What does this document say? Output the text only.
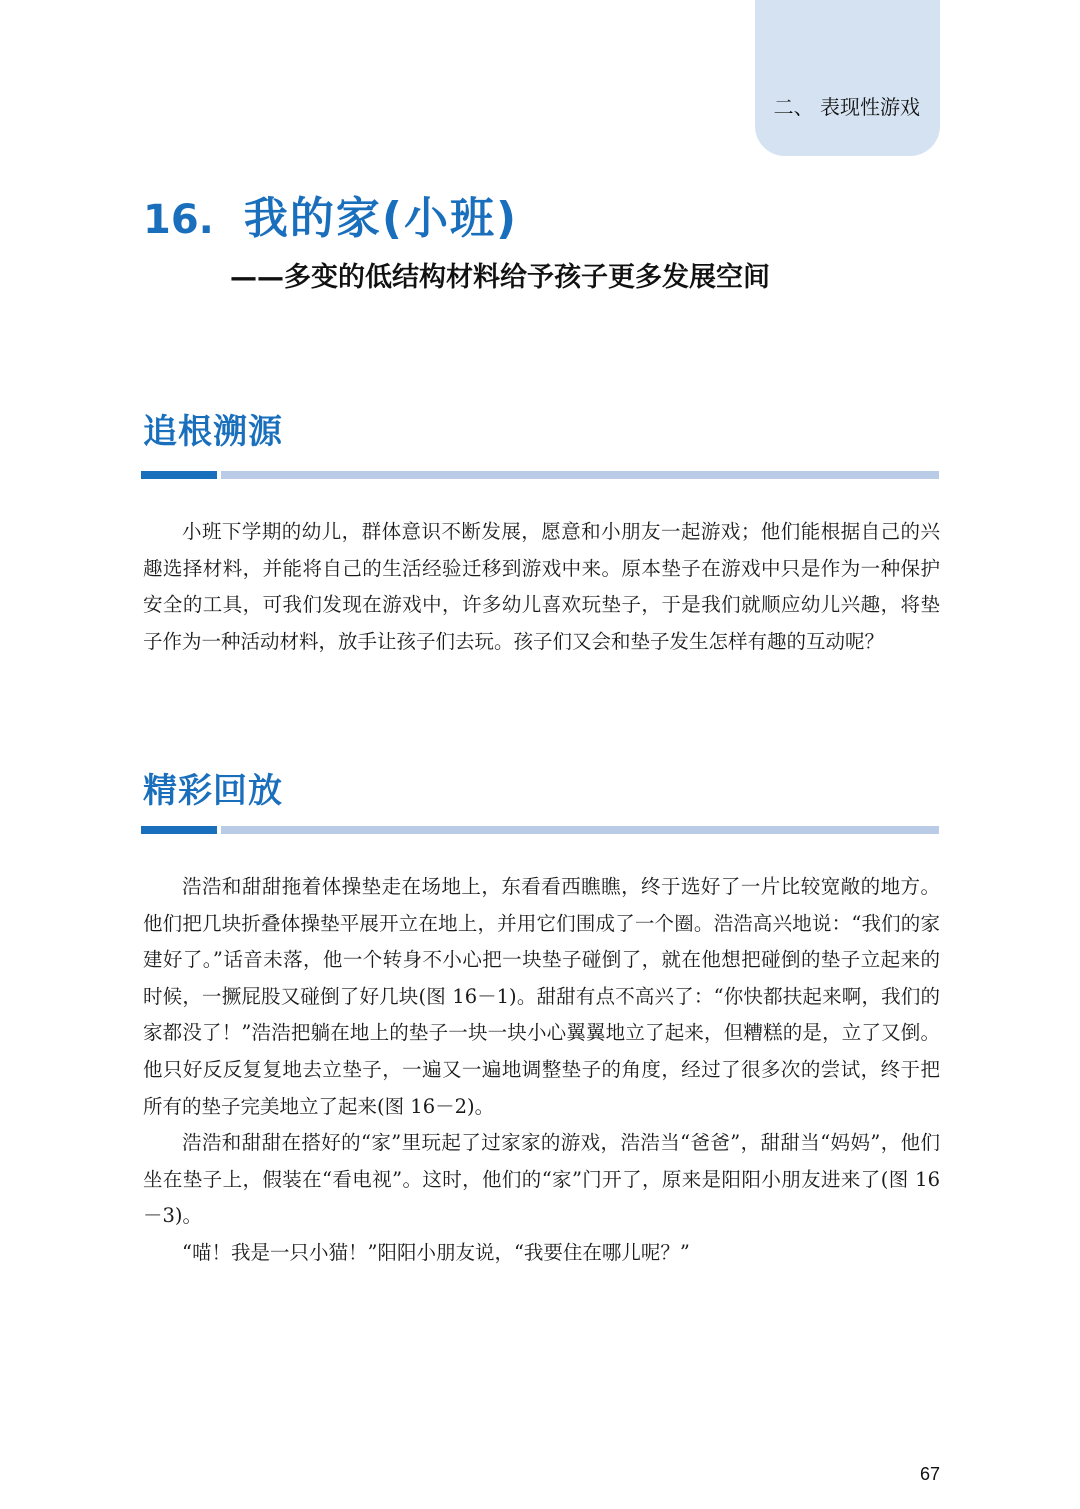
二、 表现性游戏
16. 我的家(小班)
——多变的低结构材料给予孩子更多发展空间
追根溯源

小班下学期的幼儿，群体意识不断发展，愿意和小朋友一起游戏；他们能根据自己的兴趣选择材料，并能将自己的生活经验迁移到游戏中来。原本垫子在游戏中只是作为一种保护安全的工具，可我们发现在游戏中，许多幼儿喜欢玩垫子，于是我们就顺应幼儿兴趣，将垫子作为一种活动材料，放手让孩子们去玩。孩子们又会和垫子发生怎样有趣的互动呢？

精彩回放

浩浩和甜甜拖着体操垫走在场地上，东看看西瞧瞧，终于选好了一片比较宽敞的地方。他们把几块折叠体操垫平展开立在地上，并用它们围成了一个圈。浩浩高兴地说：“我们的家建好了。”话音未落，他一个转身不小心把一块垫子碰倒了，就在他想把碰倒的垫子立起来的时候，一撅屁股又碰倒了好几块(图 16－1)。甜甜有点不高兴了：“你快都扶起来啊，我们的家都没了！”浩浩把躺在地上的垫子一块一块小心翼翼地立了起来，但糟糕的是，立了又倒。他只好反反复复地去立垫子，一遍又一遍地调整垫子的角度，经过了很多次的尝试，终于把所有的垫子完美地立了起来(图 16－2)。

浩浩和甜甜在搭好的“家”里玩起了过家家的游戏，浩浩当“爸爸”，甜甜当“妈妈”，他们坐在垫子上，假装在“看电视”。这时，他们的“家”门开了，原来是阳阳小朋友进来了(图 16－3)。

“喵！我是一只小猫！”阳阳小朋友说，“我要住在哪儿呢？”

67
